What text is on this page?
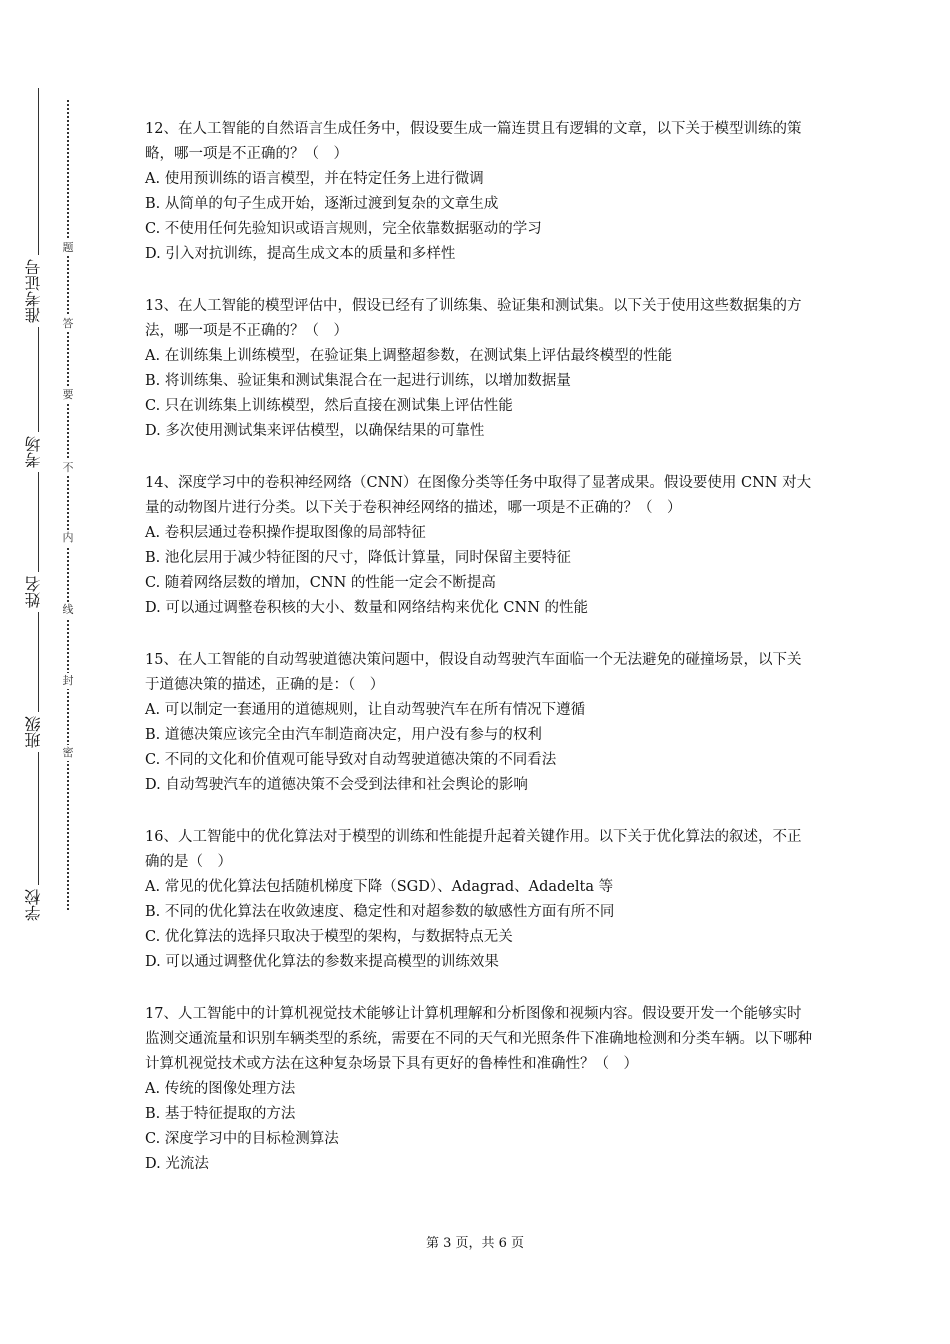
准考证号
考场
姓名
班级
学校
题
答
要
不
内
线
封
密
12、在人工智能的自然语言生成任务中，假设要生成一篇连贯且有逻辑的文章，以下关于模型训练的策略，哪一项是不正确的？（　）
A. 使用预训练的语言模型，并在特定任务上进行微调
B. 从简单的句子生成开始，逐渐过渡到复杂的文章生成
C. 不使用任何先验知识或语言规则，完全依靠数据驱动的学习
D. 引入对抗训练，提高生成文本的质量和多样性
13、在人工智能的模型评估中，假设已经有了训练集、验证集和测试集。以下关于使用这些数据集的方法，哪一项是不正确的？（　）
A. 在训练集上训练模型，在验证集上调整超参数，在测试集上评估最终模型的性能
B. 将训练集、验证集和测试集混合在一起进行训练，以增加数据量
C. 只在训练集上训练模型，然后直接在测试集上评估性能
D. 多次使用测试集来评估模型，以确保结果的可靠性
14、深度学习中的卷积神经网络（CNN）在图像分类等任务中取得了显著成果。假设要使用 CNN 对大量的动物图片进行分类。以下关于卷积神经网络的描述，哪一项是不正确的？（　）
A. 卷积层通过卷积操作提取图像的局部特征
B. 池化层用于减少特征图的尺寸，降低计算量，同时保留主要特征
C. 随着网络层数的增加，CNN 的性能一定会不断提高
D. 可以通过调整卷积核的大小、数量和网络结构来优化 CNN 的性能
15、在人工智能的自动驾驶道德决策问题中，假设自动驾驶汽车面临一个无法避免的碰撞场景，以下关于道德决策的描述，正确的是：（　）
A. 可以制定一套通用的道德规则，让自动驾驶汽车在所有情况下遵循
B. 道德决策应该完全由汽车制造商决定，用户没有参与的权利
C. 不同的文化和价值观可能导致对自动驾驶道德决策的不同看法
D. 自动驾驶汽车的道德决策不会受到法律和社会舆论的影响
16、人工智能中的优化算法对于模型的训练和性能提升起着关键作用。以下关于优化算法的叙述，不正确的是（　）
A. 常见的优化算法包括随机梯度下降（SGD）、Adagrad、Adadelta 等
B. 不同的优化算法在收敛速度、稳定性和对超参数的敏感性方面有所不同
C. 优化算法的选择只取决于模型的架构，与数据特点无关
D. 可以通过调整优化算法的参数来提高模型的训练效果
17、人工智能中的计算机视觉技术能够让计算机理解和分析图像和视频内容。假设要开发一个能够实时监测交通流量和识别车辆类型的系统，需要在不同的天气和光照条件下准确地检测和分类车辆。以下哪种计算机视觉技术或方法在这种复杂场景下具有更好的鲁棒性和准确性？（　）
A. 传统的图像处理方法
B. 基于特征提取的方法
C. 深度学习中的目标检测算法
D. 光流法
第 3 页，共 6 页
